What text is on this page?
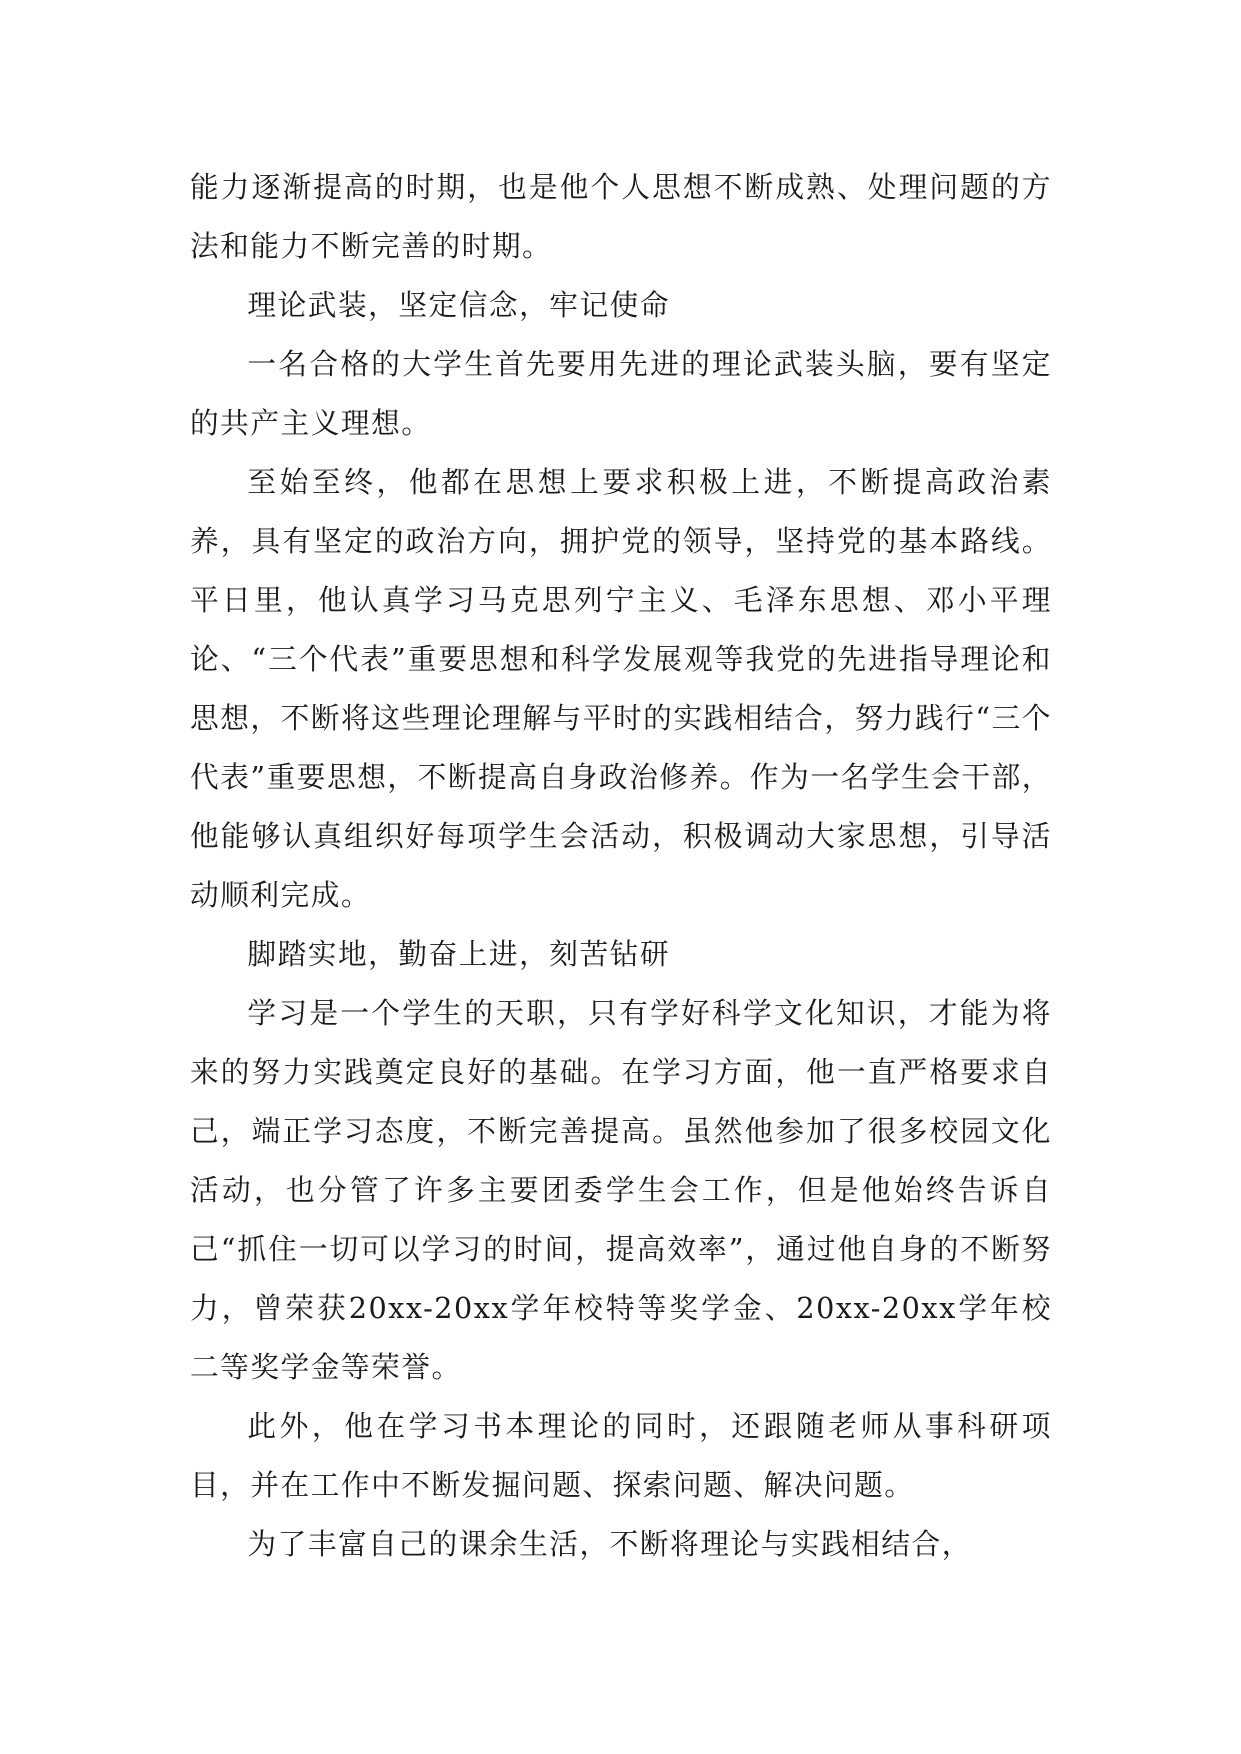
能力逐渐提高的时期，也是他个人思想不断成熟、处理问题的方法和能力不断完善的时期。

理论武装，坚定信念，牢记使命

一名合格的大学生首先要用先进的理论武装头脑，要有坚定的共产主义理想。

至始至终，他都在思想上要求积极上进，不断提高政治素养，具有坚定的政治方向，拥护党的领导，坚持党的基本路线。平日里，他认真学习马克思列宁主义、毛泽东思想、邓小平理论、“三个代表”重要思想和科学发展观等我党的先进指导理论和思想，不断将这些理论理解与平时的实践相结合，努力践行“三个代表”重要思想，不断提高自身政治修养。作为一名学生会干部，他能够认真组织好每项学生会活动，积极调动大家思想，引导活动顺利完成。

脚踏实地，勤奋上进，刻苦钻研

学习是一个学生的天职，只有学好科学文化知识，才能为将来的努力实践奠定良好的基础。在学习方面，他一直严格要求自己，端正学习态度，不断完善提高。虽然他参加了很多校园文化活动，也分管了许多主要团委学生会工作，但是他始终告诉自己“抓住一切可以学习的时间，提高效率”，通过他自身的不断努力，曾荣获20xx-20xx学年校特等奖学金、20xx-20xx学年校二等奖学金等荣誉。

此外，他在学习书本理论的同时，还跟随老师从事科研项目，并在工作中不断发掘问题、探索问题、解决问题。

为了丰富自己的课余生活，不断将理论与实践相结合，
